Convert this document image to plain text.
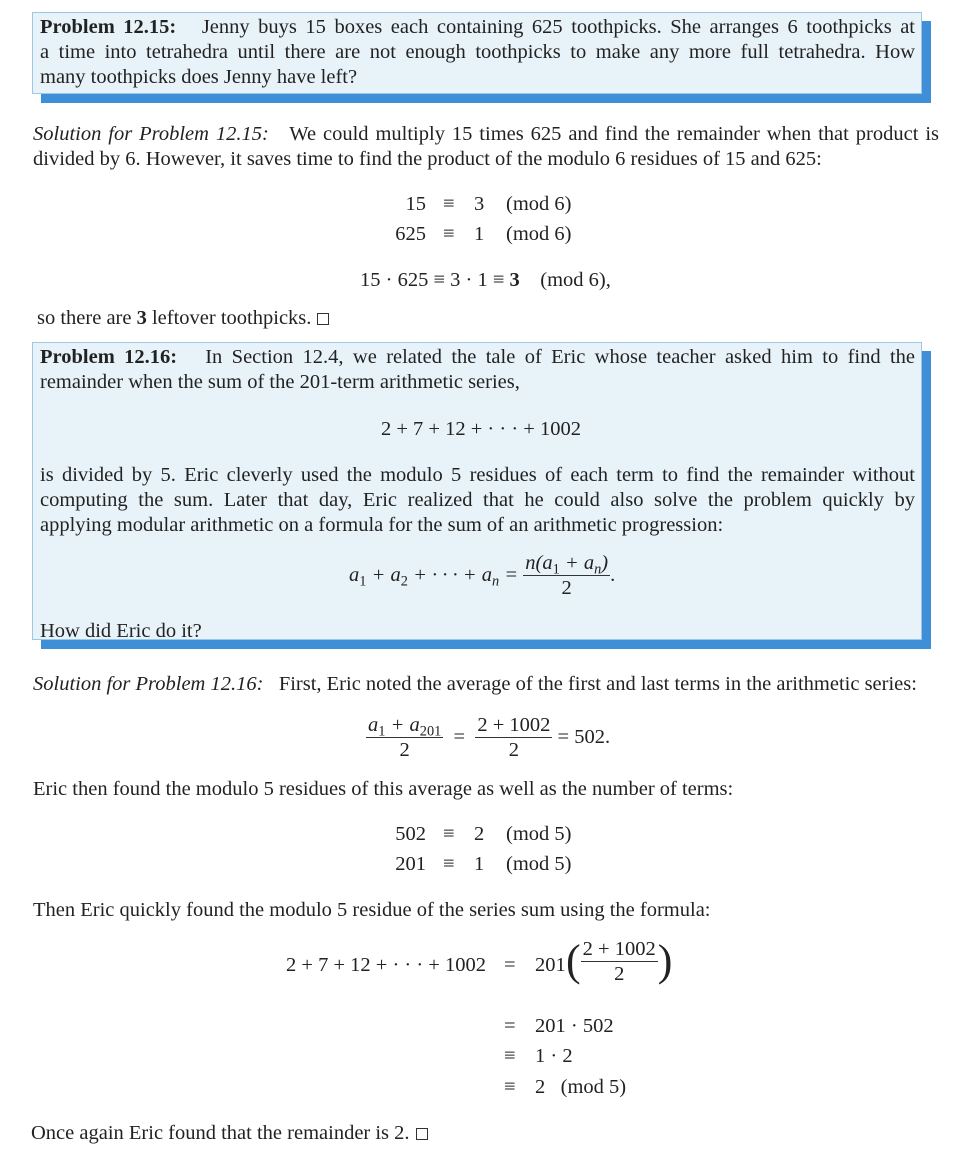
Problem 12.15: Jenny buys 15 boxes each containing 625 toothpicks. She arranges 6 toothpicks at
a time into tetrahedra until there are not enough toothpicks to make any more full tetrahedra. How
many toothpicks does Jenny have left?
Solution for Problem 12.15: We could multiply 15 times 625 and find the remainder when that product is
divided by 6. However, it saves time to find the product of the modulo 6 residues of 15 and 625:
15 ≡ 3 (mod 6)
625 ≡ 1 (mod 6)
15 · 625 ≡ 3 · 1 ≡ 3 (mod 6),
so there are 3 leftover toothpicks.
Problem 12.16: In Section 12.4, we related the tale of Eric whose teacher asked him to find the
remainder when the sum of the 201-term arithmetic series,
2 + 7 + 12 + · · · + 1002
is divided by 5. Eric cleverly used the modulo 5 residues of each term to find the remainder without
computing the sum. Later that day, Eric realized that he could also solve the problem quickly by
applying modular arithmetic on a formula for the sum of an arithmetic progression:
$a_1 + a_2$ + · · · + $a_n = \frac{n(a_1 + a_n)}{2}$ .
How did Eric do it?
Solution for Problem 12.16: First, Eric noted the average of the first and last terms in the arithmetic series:
$\frac{a_1 + a_{201}}{2} = \frac{2 + 1002}{2} = 502$.
Eric then found the modulo 5 residues of this average as well as the number of terms:
502 ≡ 2 (mod 5)
201 ≡ 1 (mod 5)
Then Eric quickly found the modulo 5 residue of the series sum using the formula:
2 + 7 + 12 + · · · + 1002 = 201 ( $\frac{2 + 1002}{2}$ )
= 201 · 502
≡ 1 · 2
≡ 2   (mod 5)
Once again Eric found that the remainder is 2.
